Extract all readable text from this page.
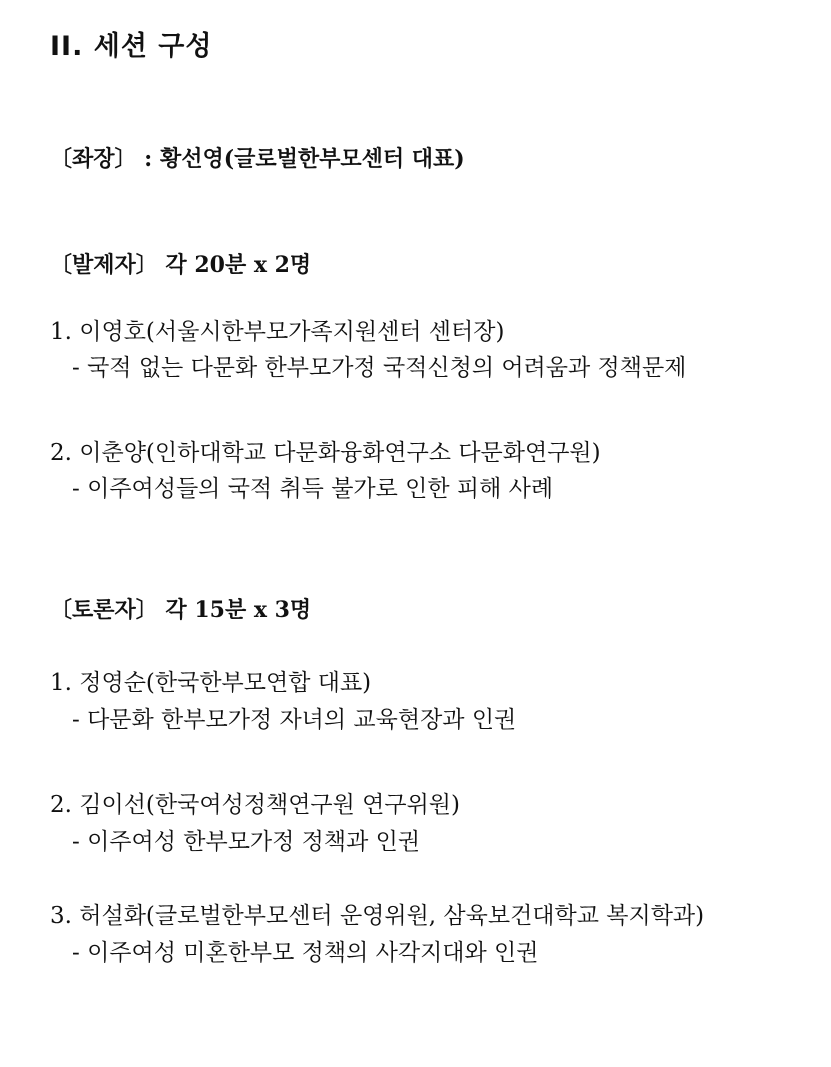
II. 세션 구성
〔좌장〕 : 황선영(글로벌한부모센터 대표)
〔발제자〕 각 20분 x 2명
1. 이영호(서울시한부모가족지원센터 센터장)
- 국적 없는 다문화 한부모가정 국적신청의 어려움과 정책문제
2. 이춘양(인하대학교 다문화융화연구소 다문화연구원)
- 이주여성들의 국적 취득 불가로 인한 피해 사례
〔토론자〕 각 15분 x 3명
1. 정영순(한국한부모연합 대표)
- 다문화 한부모가정 자녀의 교육현장과 인권
2. 김이선(한국여성정책연구원 연구위원)
- 이주여성 한부모가정 정책과 인권
3. 허설화(글로벌한부모센터 운영위원, 삼육보건대학교 복지학과)
- 이주여성 미혼한부모 정책의 사각지대와 인권
